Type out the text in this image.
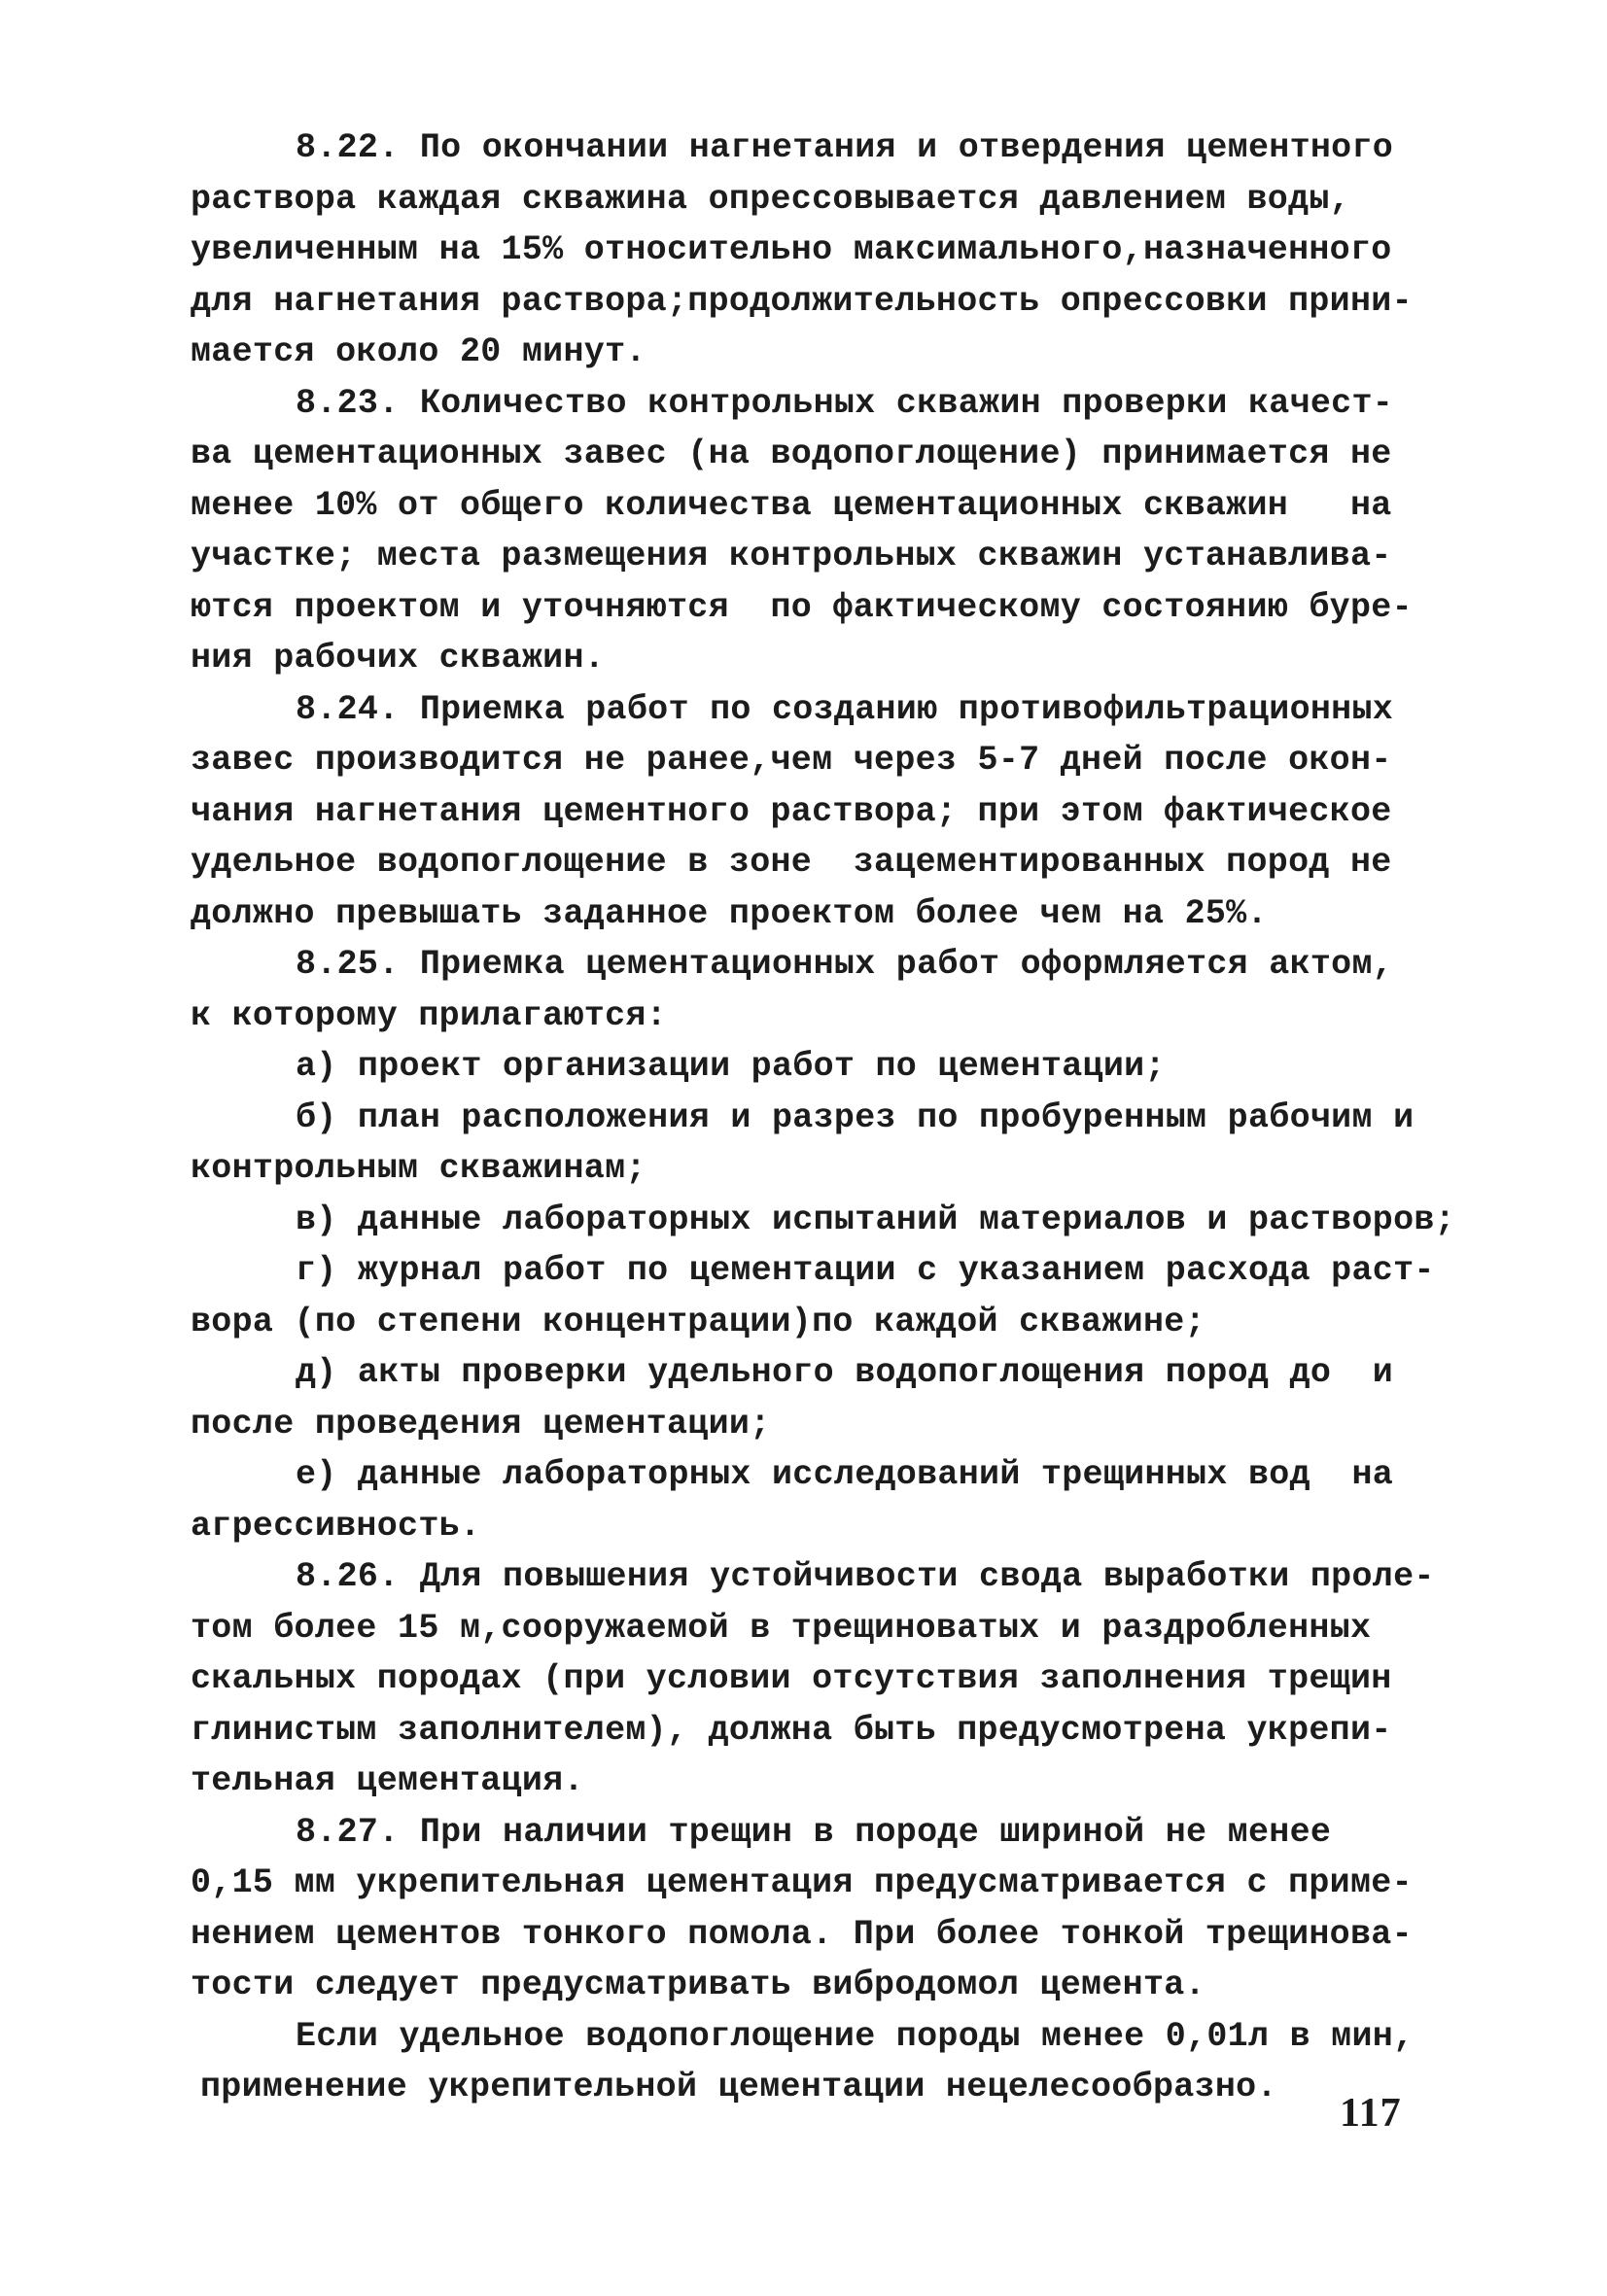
8.22. По окончании нагнетания и отвердения цементного
раствора каждая скважина опрессовывается давлением воды,
увеличенным на 15% относительно максимального,назначенного
для нагнетания раствора;продолжительность опрессовки прини-
мается около 20 минут.
8.23. Количество контрольных скважин проверки качест-
ва цементационных завес (на водопоглощение) принимается не
менее 10% от общего количества цементационных скважин   на
участке; места размещения контрольных скважин устанавлива-
ются проектом и уточняются  по фактическому состоянию буре-
ния рабочих скважин.
8.24. Приемка работ по созданию противофильтрационных
завес производится не ранее,чем через 5-7 дней после окон-
чания нагнетания цементного раствора; при этом фактическое
удельное водопоглощение в зоне  зацементированных пород не
должно превышать заданное проектом более чем на 25%.
8.25. Приемка цементационных работ оформляется актом,
к которому прилагаются:
а) проект организации работ по цементации;
б) план расположения и разрез по пробуренным рабочим и
контрольным скважинам;
в) данные лабораторных испытаний материалов и растворов;
г) журнал работ по цементации с указанием расхода раст-
вора (по степени концентрации)по каждой скважине;
д) акты проверки удельного водопоглощения пород до  и
после проведения цементации;
е) данные лабораторных исследований трещинных вод  на
агрессивность.
8.26. Для повышения устойчивости свода выработки проле-
том более 15 м,сооружаемой в трещиноватых и раздробленных
скальных породах (при условии отсутствия заполнения трещин
глинистым заполнителем), должна быть предусмотрена укрепи-
тельная цементация.
8.27. При наличии трещин в породе шириной не менее
0,15 мм укрепительная цементация предусматривается с приме-
нением цементов тонкого помола. При более тонкой трещинова-
тости следует предусматривать вибродомол цемента.
Если удельное водопоглощение породы менее 0,01л в мин,
применение укрепительной цементации нецелесообразно.
117
